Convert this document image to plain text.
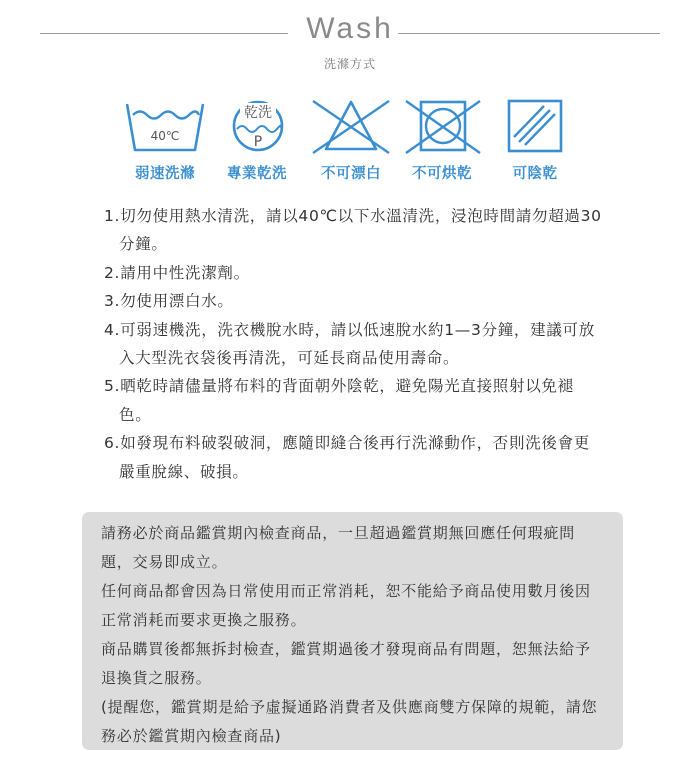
Wash
洗滌方式
40℃
弱速洗滌
乾洗
P
專業乾洗	不可漂白	不可烘乾	可陰乾
1.切勿使用熱水清洗，請以40℃以下水溫清洗，浸泡時間請勿超過30分鐘。
2.請用中性洗潔劑。
3.勿使用漂白水。
4.可弱速機洗，洗衣機脫水時，請以低速脫水約1—3分鐘，建議可放入大型洗衣袋後再清洗，可延長商品使用壽命。
5.晒乾時請儘量將布料的背面朝外陰乾，避免陽光直接照射以免褪色。
6.如發現布料破裂破洞，應隨即縫合後再行洗滌動作，否則洗後會更嚴重脫線、破損。

請務必於商品鑑賞期內檢查商品，一旦超過鑑賞期無回應任何瑕疵問題，交易即成立。

任何商品都會因為日常使用而正常消耗，恕不能給予商品使用數月後因正常消耗而要求更換之服務。

商品購買後都無拆封檢查，鑑賞期過後才發現商品有問題，恕無法給予退換貨之服務。

(提醒您，鑑賞期是給予虛擬通路消費者及供應商雙方保障的規範，請您務必於鑑賞期內檢查商品)
